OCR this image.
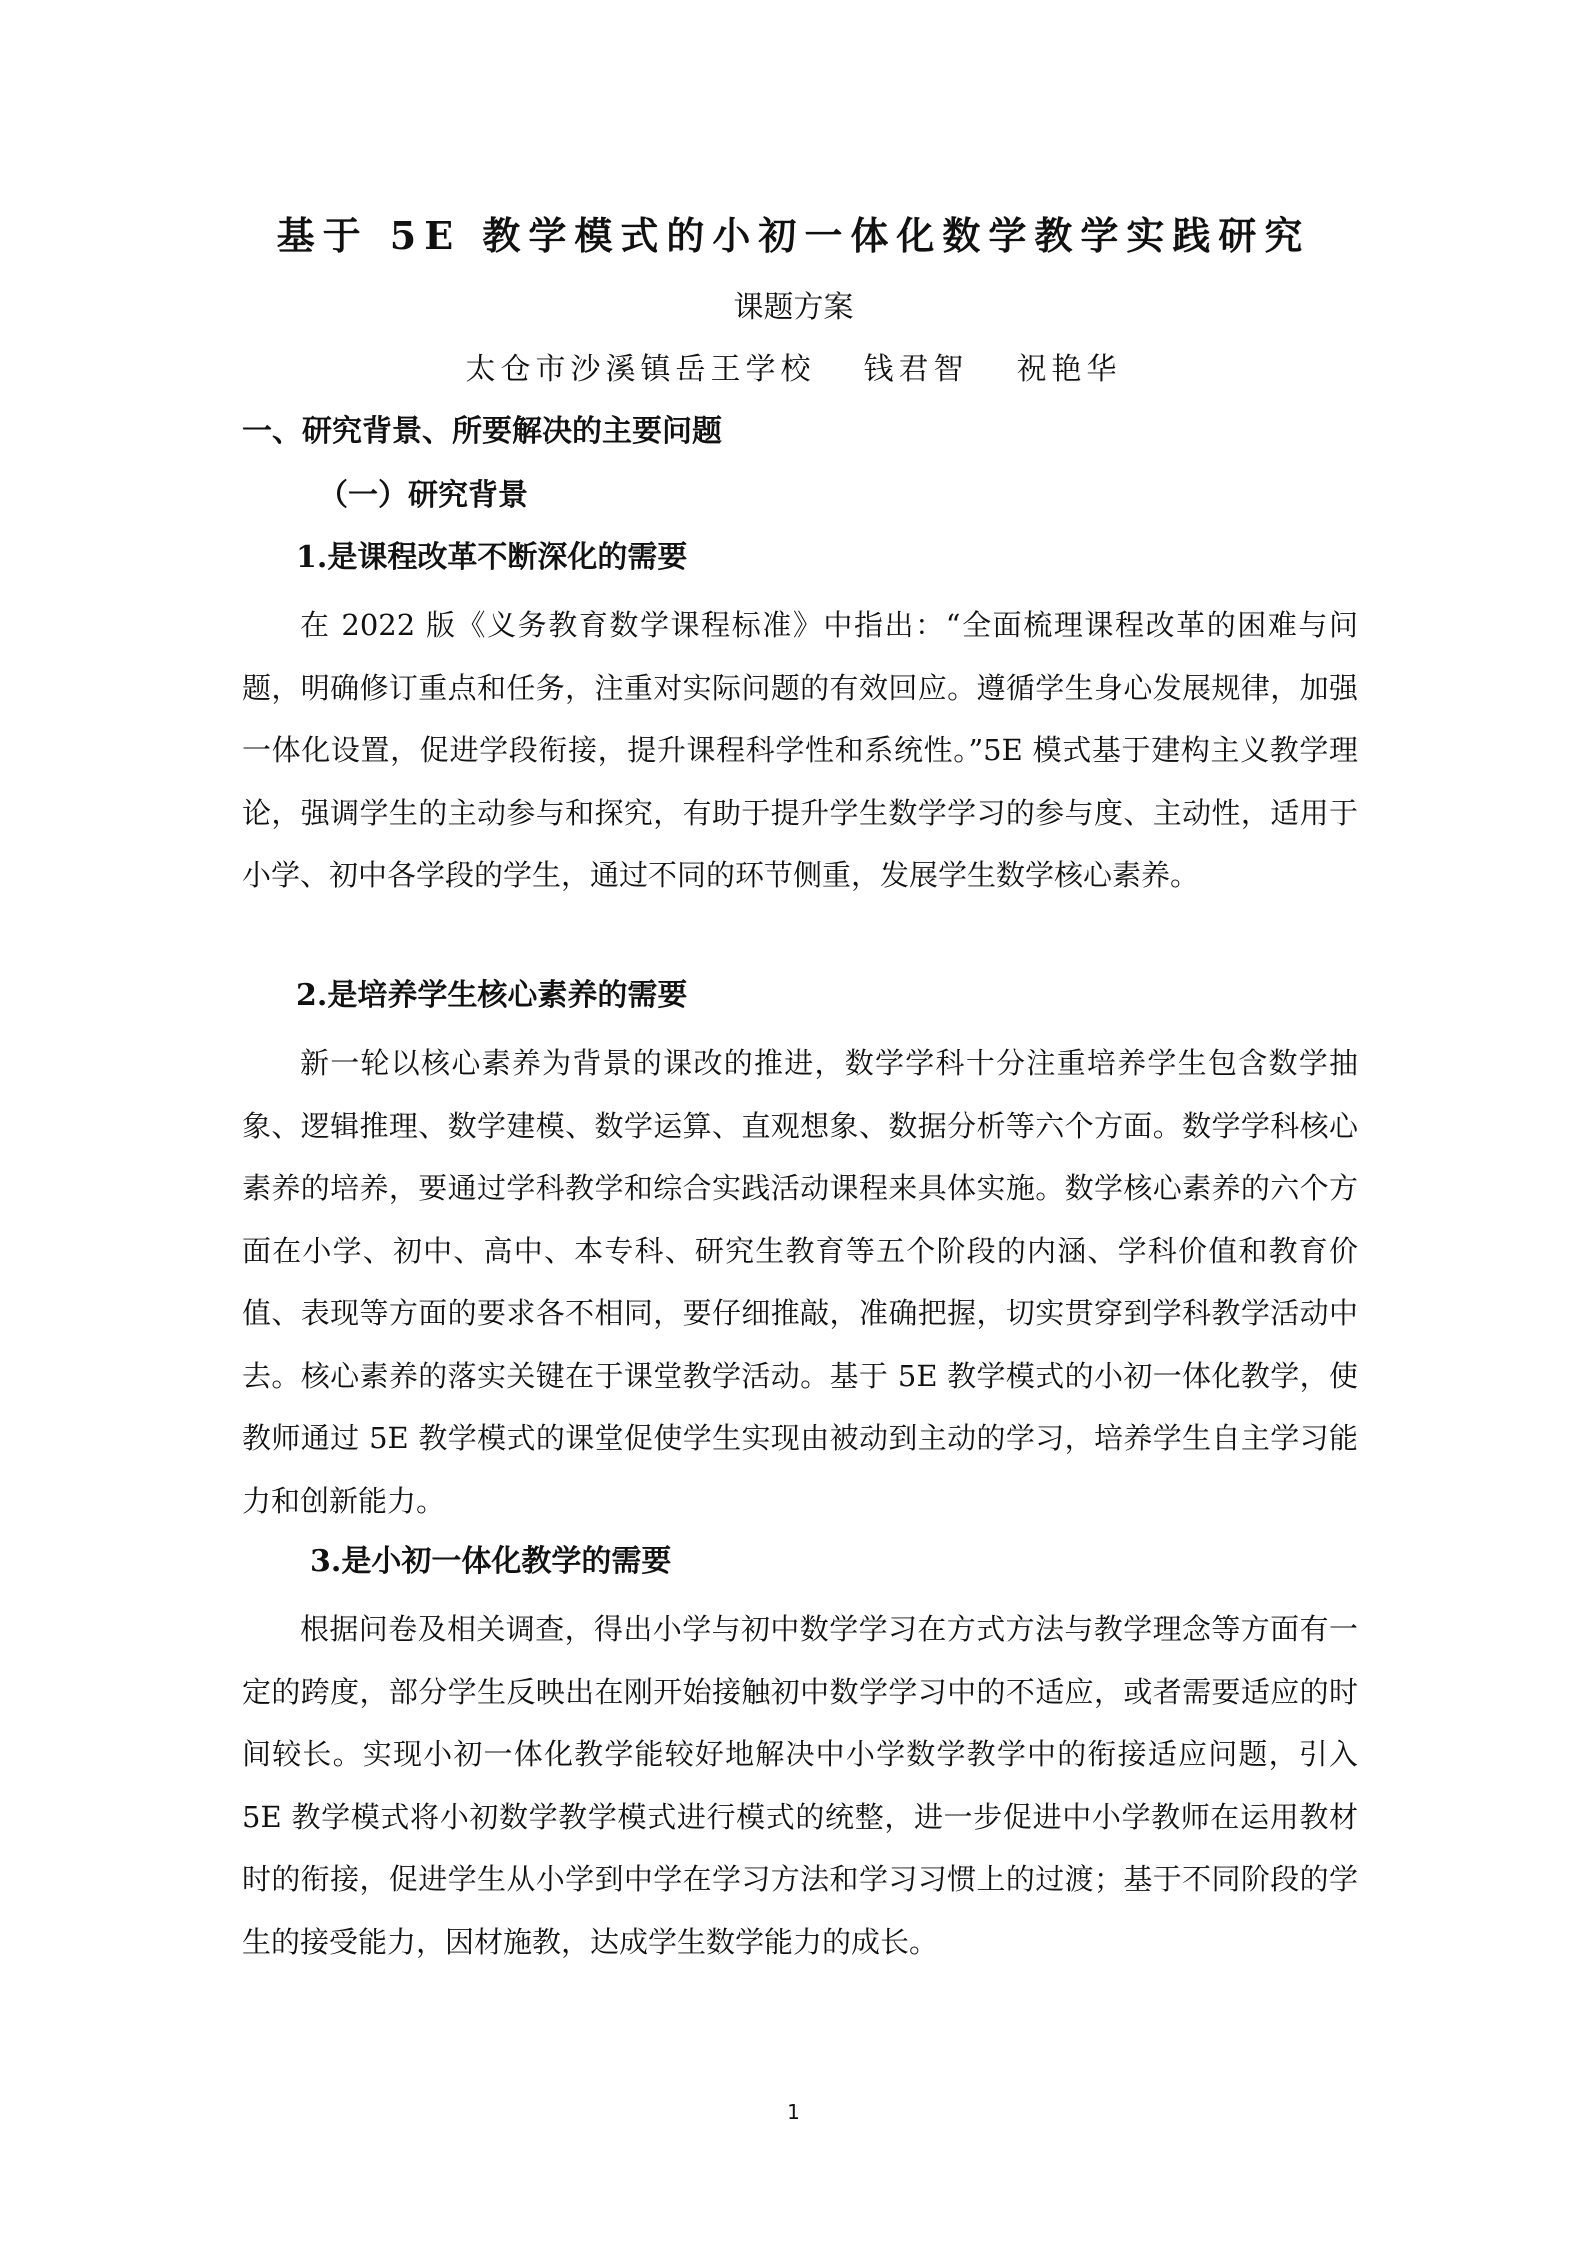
基于 5E 教学模式的小初一体化数学教学实践研究
课题方案
太仓市沙溪镇岳王学校 钱君智 祝艳华
一、研究背景、所要解决的主要问题
（一）研究背景
1.是课程改革不断深化的需要

在 2022 版《义务教育数学课程标准》中指出：“全面梳理课程改革的困难与问题，明确修订重点和任务，注重对实际问题的有效回应。遵循学生身心发展规律，加强一体化设置，促进学段衔接，提升课程科学性和系统性。”5E 模式基于建构主义教学理论，强调学生的主动参与和探究，有助于提升学生数学学习的参与度、主动性，适用于小学、初中各学段的学生，通过不同的环节侧重，发展学生数学核心素养。

2.是培养学生核心素养的需要

新一轮以核心素养为背景的课改的推进，数学学科十分注重培养学生包含数学抽象、逻辑推理、数学建模、数学运算、直观想象、数据分析等六个方面。数学学科核心素养的培养，要通过学科教学和综合实践活动课程来具体实施。数学核心素养的六个方面在小学、初中、高中、本专科、研究生教育等五个阶段的内涵、学科价值和教育价值、表现等方面的要求各不相同，要仔细推敲，准确把握，切实贯穿到学科教学活动中去。核心素养的落实关键在于课堂教学活动。基于 5E 教学模式的小初一体化教学，使教师通过 5E 教学模式的课堂促使学生实现由被动到主动的学习，培养学生自主学习能力和创新能力。

3.是小初一体化教学的需要

根据问卷及相关调查，得出小学与初中数学学习在方式方法与教学理念等方面有一定的跨度，部分学生反映出在刚开始接触初中数学学习中的不适应，或者需要适应的时间较长。实现小初一体化教学能较好地解决中小学数学教学中的衔接适应问题，引入 5E 教学模式将小初数学教学模式进行模式的统整，进一步促进中小学教师在运用教材时的衔接，促进学生从小学到中学在学习方法和学习习惯上的过渡；基于不同阶段的学生的接受能力，因材施教，达成学生数学能力的成长。

1
